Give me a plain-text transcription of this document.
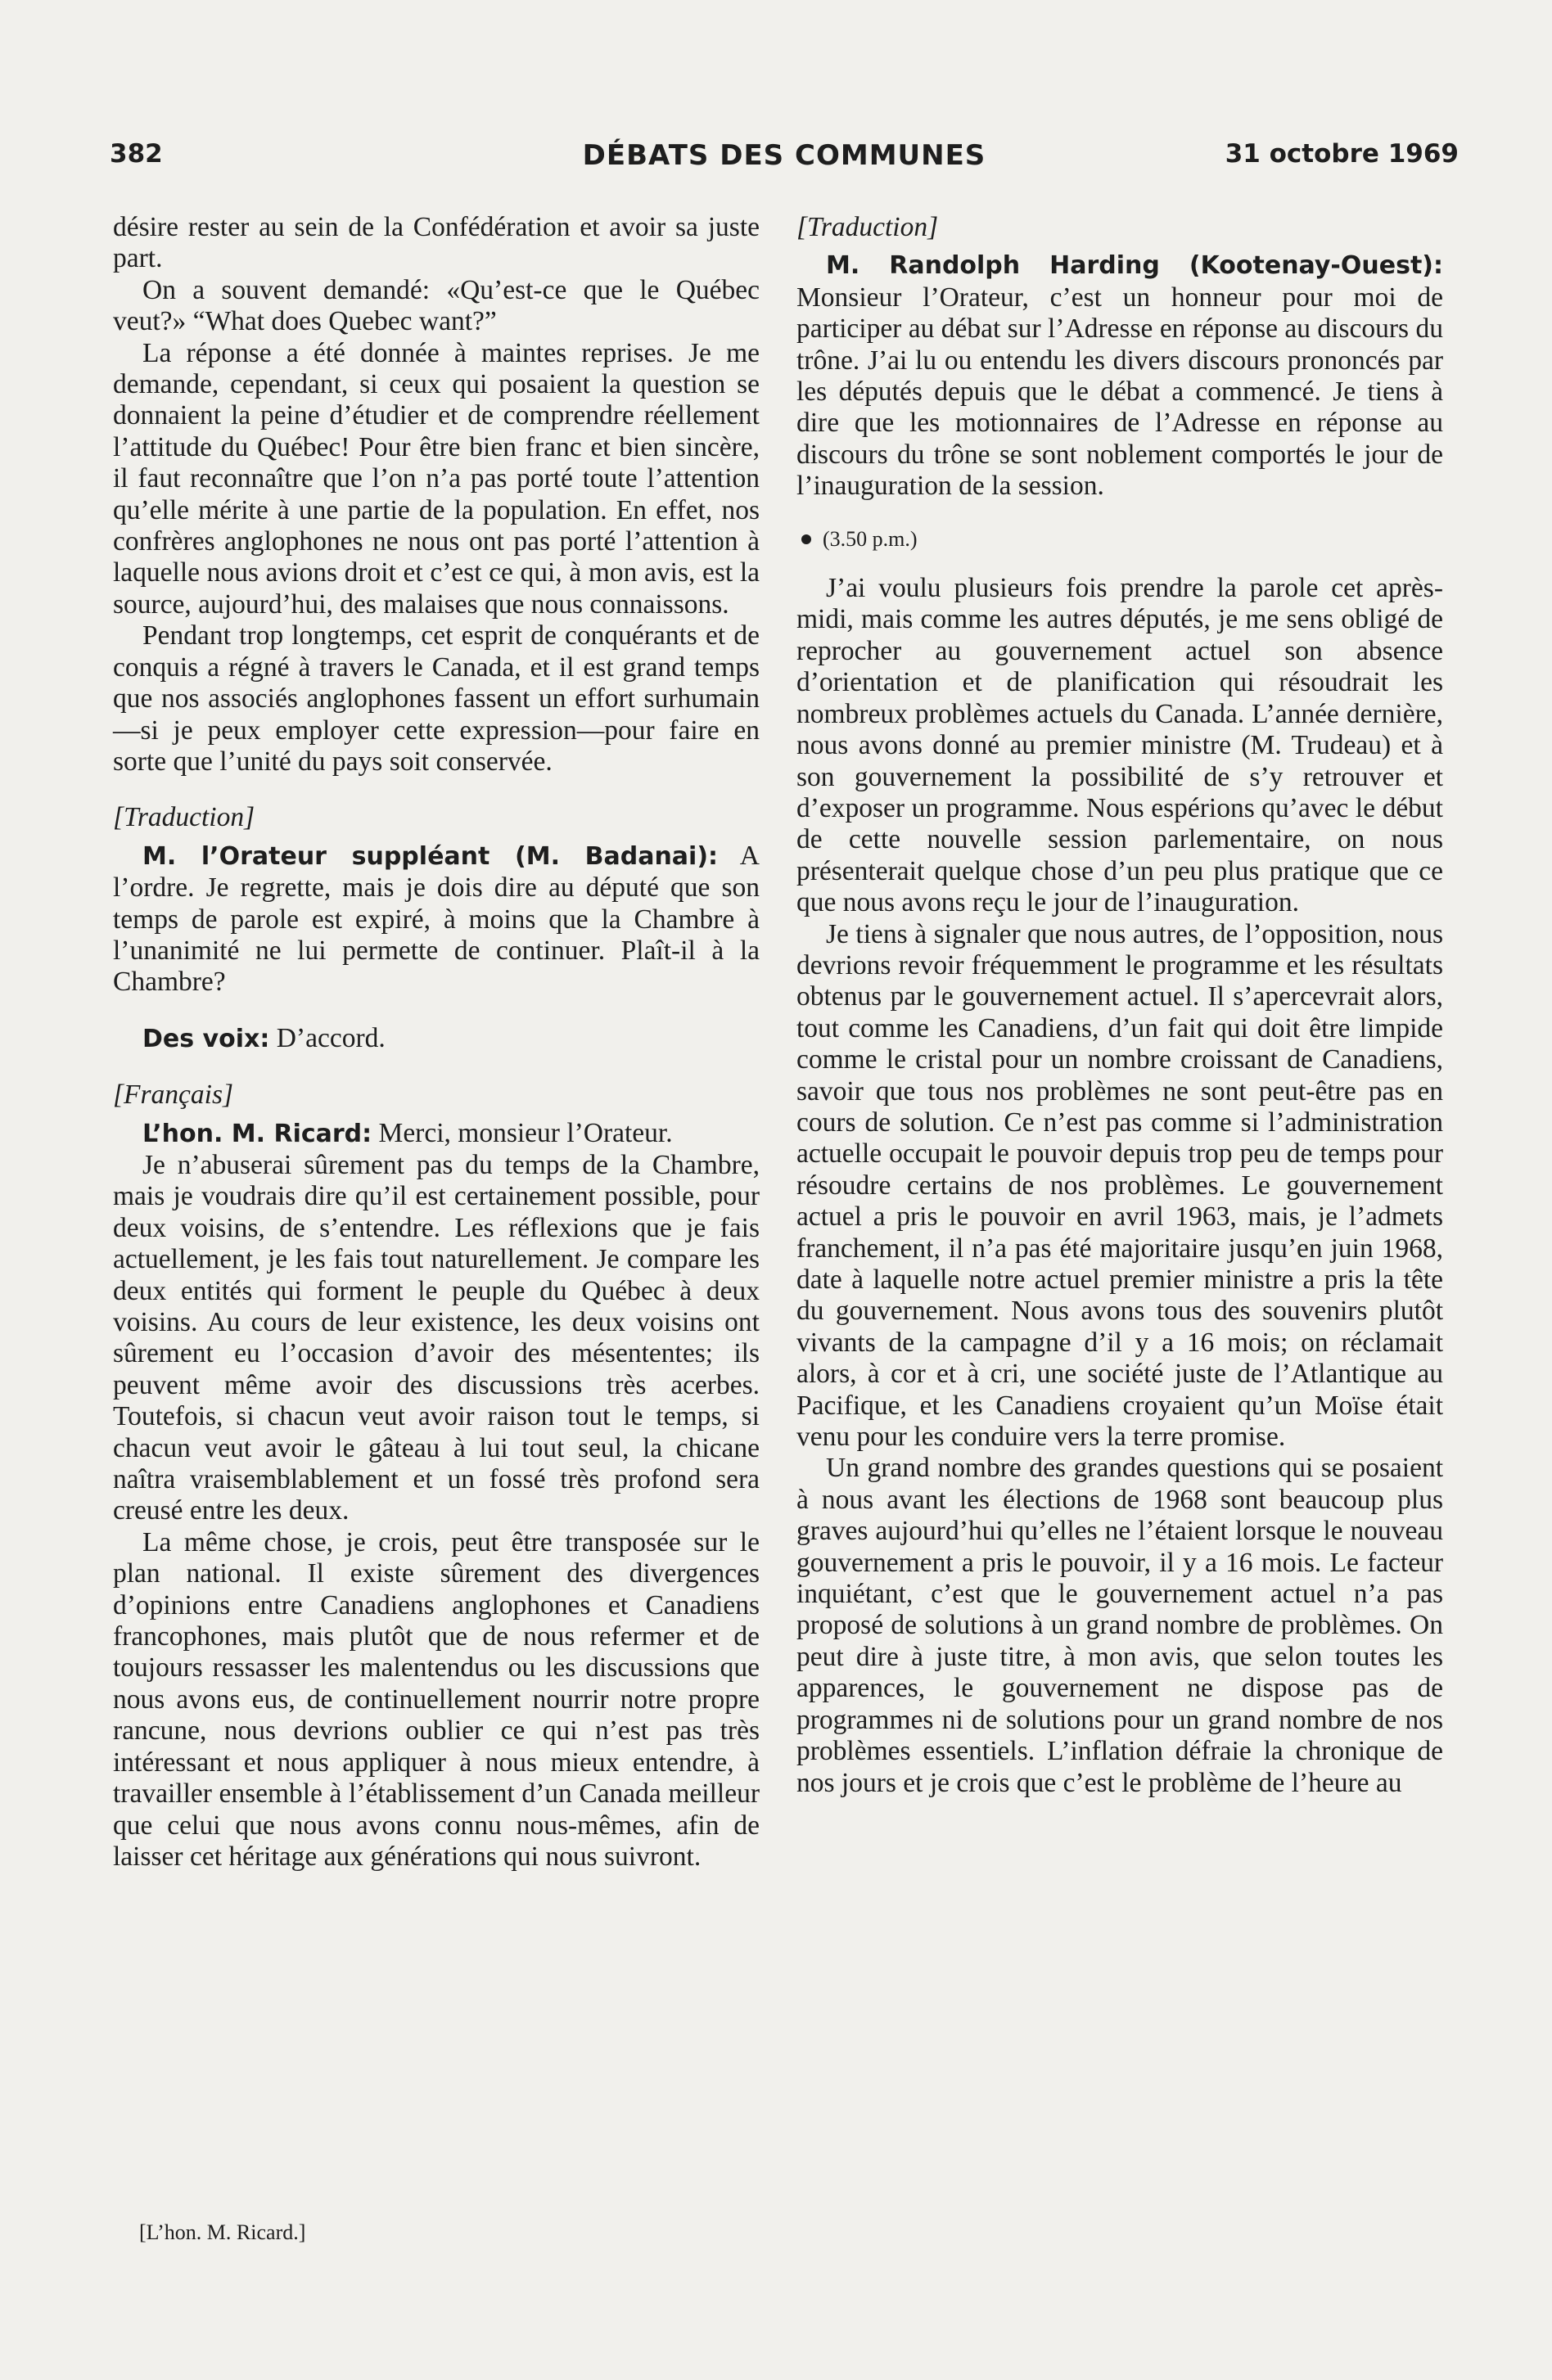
382	DÉBATS DES COMMUNES	31 octobre 1969

désire rester au sein de la Confédération et avoir sa juste part.

On a souvent demandé: «Qu’est-ce que le Québec veut?» “What does Quebec want?”

La réponse a été donnée à maintes reprises. Je me demande, cependant, si ceux qui posaient la question se donnaient la peine d’étudier et de comprendre réellement l’attitude du Québec! Pour être bien franc et bien sincère, il faut reconnaître que l’on n’a pas porté toute l’attention qu’elle mérite à une partie de la population. En effet, nos confrères anglophones ne nous ont pas porté l’attention à laquelle nous avions droit et c’est ce qui, à mon avis, est la source, aujourd’hui, des malaises que nous connaissons.

Pendant trop longtemps, cet esprit de conquérants et de conquis a régné à travers le Canada, et il est grand temps que nos associés anglophones fassent un effort surhumain—si je peux employer cette expression—pour faire en sorte que l’unité du pays soit conservée.

[Traduction]

M. l’Orateur suppléant (M. Badanai): A l’ordre. Je regrette, mais je dois dire au député que son temps de parole est expiré, à moins que la Chambre à l’unanimité ne lui permette de continuer. Plaît-il à la Chambre?

Des voix: D’accord.

[Français]

L’hon. M. Ricard: Merci, monsieur l’Orateur.

Je n’abuserai sûrement pas du temps de la Chambre, mais je voudrais dire qu’il est certainement possible, pour deux voisins, de s’entendre. Les réflexions que je fais actuellement, je les fais tout naturellement. Je compare les deux entités qui forment le peuple du Québec à deux voisins. Au cours de leur existence, les deux voisins ont sûrement eu l’occasion d’avoir des mésententes; ils peuvent même avoir des discussions très acerbes. Toutefois, si chacun veut avoir raison tout le temps, si chacun veut avoir le gâteau à lui tout seul, la chicane naîtra vraisemblablement et un fossé très profond sera creusé entre les deux.

La même chose, je crois, peut être transposée sur le plan national. Il existe sûrement des divergences d’opinions entre Canadiens anglophones et Canadiens francophones, mais plutôt que de nous refermer et de toujours ressasser les malentendus ou les discussions que nous avons eus, de continuellement nourrir notre propre rancune, nous devrions oublier ce qui n’est pas très intéressant et nous appliquer à nous mieux entendre, à travailler ensemble à l’établissement d’un Canada meilleur que celui que nous avons connu nous-mêmes, afin de laisser cet héritage aux générations qui nous suivront.

[L’hon. M. Ricard.]

[Traduction]

M. Randolph Harding (Kootenay-Ouest): Monsieur l’Orateur, c’est un honneur pour moi de participer au débat sur l’Adresse en réponse au discours du trône. J’ai lu ou entendu les divers discours prononcés par les députés depuis que le débat a commencé. Je tiens à dire que les motionnaires de l’Adresse en réponse au discours du trône se sont noblement comportés le jour de l’inauguration de la session.

(3.50 p.m.)

J’ai voulu plusieurs fois prendre la parole cet après-midi, mais comme les autres députés, je me sens obligé de reprocher au gouvernement actuel son absence d’orientation et de planification qui résoudrait les nombreux problèmes actuels du Canada. L’année dernière, nous avons donné au premier ministre (M. Trudeau) et à son gouvernement la possibilité de s’y retrouver et d’exposer un programme. Nous espérions qu’avec le début de cette nouvelle session parlementaire, on nous présenterait quelque chose d’un peu plus pratique que ce que nous avons reçu le jour de l’inauguration.

Je tiens à signaler que nous autres, de l’opposition, nous devrions revoir fréquemment le programme et les résultats obtenus par le gouvernement actuel. Il s’apercevrait alors, tout comme les Canadiens, d’un fait qui doit être limpide comme le cristal pour un nombre croissant de Canadiens, savoir que tous nos problèmes ne sont peut-être pas en cours de solution. Ce n’est pas comme si l’administration actuelle occupait le pouvoir depuis trop peu de temps pour résoudre certains de nos problèmes. Le gouvernement actuel a pris le pouvoir en avril 1963, mais, je l’admets franchement, il n’a pas été majoritaire jusqu’en juin 1968, date à laquelle notre actuel premier ministre a pris la tête du gouvernement. Nous avons tous des souvenirs plutôt vivants de la campagne d’il y a 16 mois; on réclamait alors, à cor et à cri, une société juste de l’Atlantique au Pacifique, et les Canadiens croyaient qu’un Moïse était venu pour les conduire vers la terre promise.

Un grand nombre des grandes questions qui se posaient à nous avant les élections de 1968 sont beaucoup plus graves aujourd’hui qu’elles ne l’étaient lorsque le nouveau gouvernement a pris le pouvoir, il y a 16 mois. Le facteur inquiétant, c’est que le gouvernement actuel n’a pas proposé de solutions à un grand nombre de problèmes. On peut dire à juste titre, à mon avis, que selon toutes les apparences, le gouvernement ne dispose pas de programmes ni de solutions pour un grand nombre de nos problèmes essentiels. L’inflation défraie la chronique de nos jours et je crois que c’est le problème de l’heure au
